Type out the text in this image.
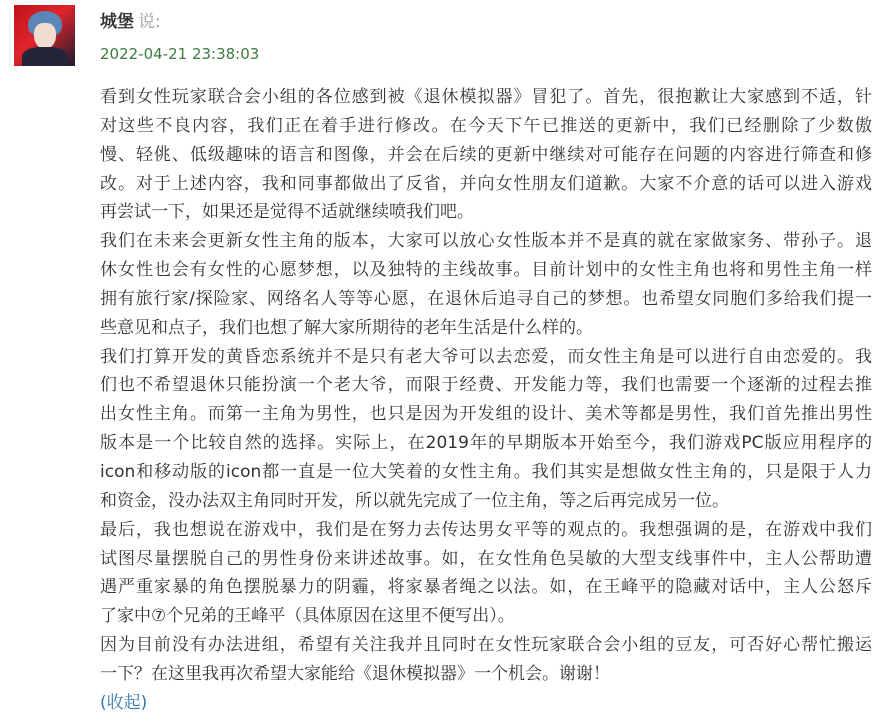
城堡 说:
2022-04-21 23:38:03
看到女性玩家联合会小组的各位感到被《退休模拟器》冒犯了。首先，很抱歉让大家感到不适，针
对这些不良内容，我们正在着手进行修改。在今天下午已推送的更新中，我们已经删除了少数傲
慢、轻佻、低级趣味的语言和图像，并会在后续的更新中继续对可能存在问题的内容进行筛查和修
改。对于上述内容，我和同事都做出了反省，并向女性朋友们道歉。大家不介意的话可以进入游戏
再尝试一下，如果还是觉得不适就继续喷我们吧。
我们在未来会更新女性主角的版本，大家可以放心女性版本并不是真的就在家做家务、带孙子。退
休女性也会有女性的心愿梦想，以及独特的主线故事。目前计划中的女性主角也将和男性主角一样
拥有旅行家/探险家、网络名人等等心愿，在退休后追寻自己的梦想。也希望女同胞们多给我们提一
些意见和点子，我们也想了解大家所期待的老年生活是什么样的。
我们打算开发的黄昏恋系统并不是只有老大爷可以去恋爱，而女性主角是可以进行自由恋爱的。我
们也不希望退休只能扮演一个老大爷，而限于经费、开发能力等，我们也需要一个逐渐的过程去推
出女性主角。而第一主角为男性，也只是因为开发组的设计、美术等都是男性，我们首先推出男性
版本是一个比较自然的选择。实际上，在2019年的早期版本开始至今，我们游戏PC版应用程序的
icon和移动版的icon都一直是一位大笑着的女性主角。我们其实是想做女性主角的，只是限于人力
和资金，没办法双主角同时开发，所以就先完成了一位主角，等之后再完成另一位。
最后，我也想说在游戏中，我们是在努力去传达男女平等的观点的。我想强调的是，在游戏中我们
试图尽量摆脱自己的男性身份来讲述故事。如，在女性角色吴敏的大型支线事件中，主人公帮助遭
遇严重家暴的角色摆脱暴力的阴霾，将家暴者绳之以法。如，在王峰平的隐藏对话中，主人公怒斥
了家中⑦个兄弟的王峰平（具体原因在这里不便写出）。
因为目前没有办法进组，希望有关注我并且同时在女性玩家联合会小组的豆友，可否好心帮忙搬运
一下？在这里我再次希望大家能给《退休模拟器》一个机会。谢谢！
(收起)
